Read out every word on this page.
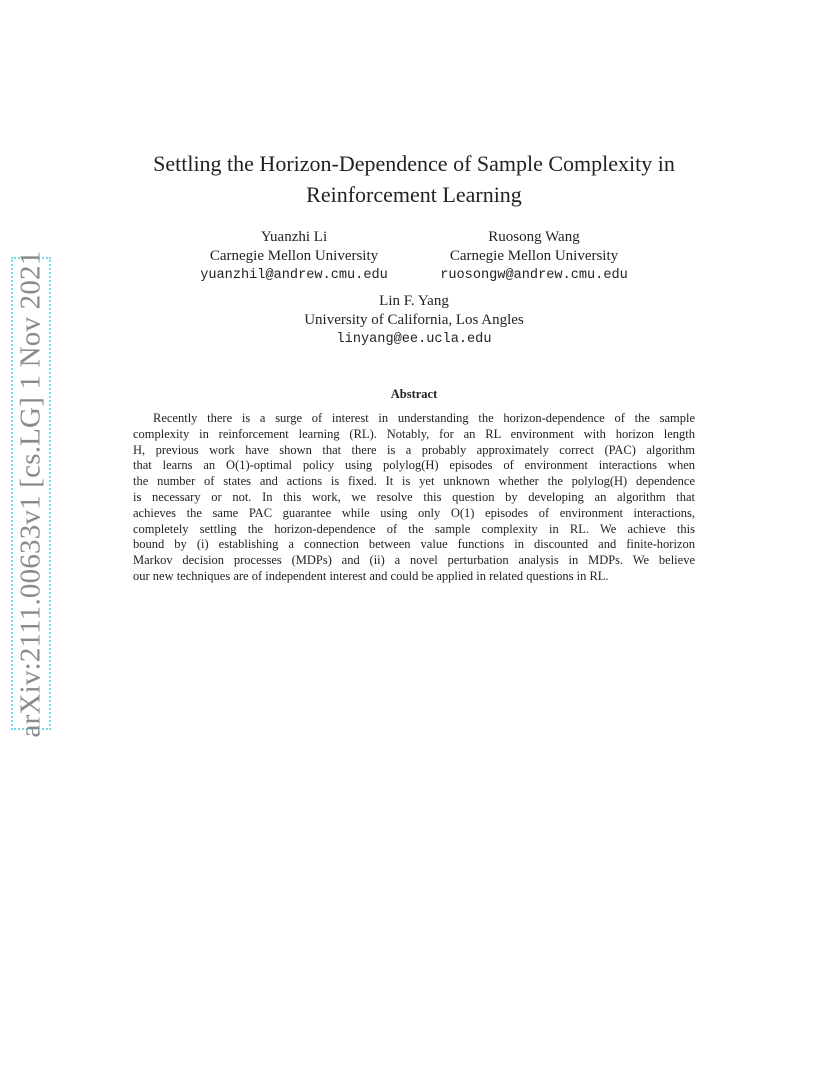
arXiv:2111.00633v1 [cs.LG] 1 Nov 2021
Settling the Horizon-Dependence of Sample Complexity in
Reinforcement Learning
Yuanzhi Li
Carnegie Mellon University
yuanzhil@andrew.cmu.edu
Ruosong Wang
Carnegie Mellon University
ruosongw@andrew.cmu.edu
Lin F. Yang
University of California, Los Angles
linyang@ee.ucla.edu
Abstract
Recently there is a surge of interest in understanding the horizon-dependence of the sample
complexity in reinforcement learning (RL). Notably, for an RL environment with horizon length
H, previous work have shown that there is a probably approximately correct (PAC) algorithm
that learns an O(1)-optimal policy using polylog(H) episodes of environment interactions when
the number of states and actions is fixed. It is yet unknown whether the polylog(H) dependence
is necessary or not. In this work, we resolve this question by developing an algorithm that
achieves the same PAC guarantee while using only O(1) episodes of environment interactions,
completely settling the horizon-dependence of the sample complexity in RL. We achieve this
bound by (i) establishing a connection between value functions in discounted and finite-horizon
Markov decision processes (MDPs) and (ii) a novel perturbation analysis in MDPs. We believe
our new techniques are of independent interest and could be applied in related questions in RL.
